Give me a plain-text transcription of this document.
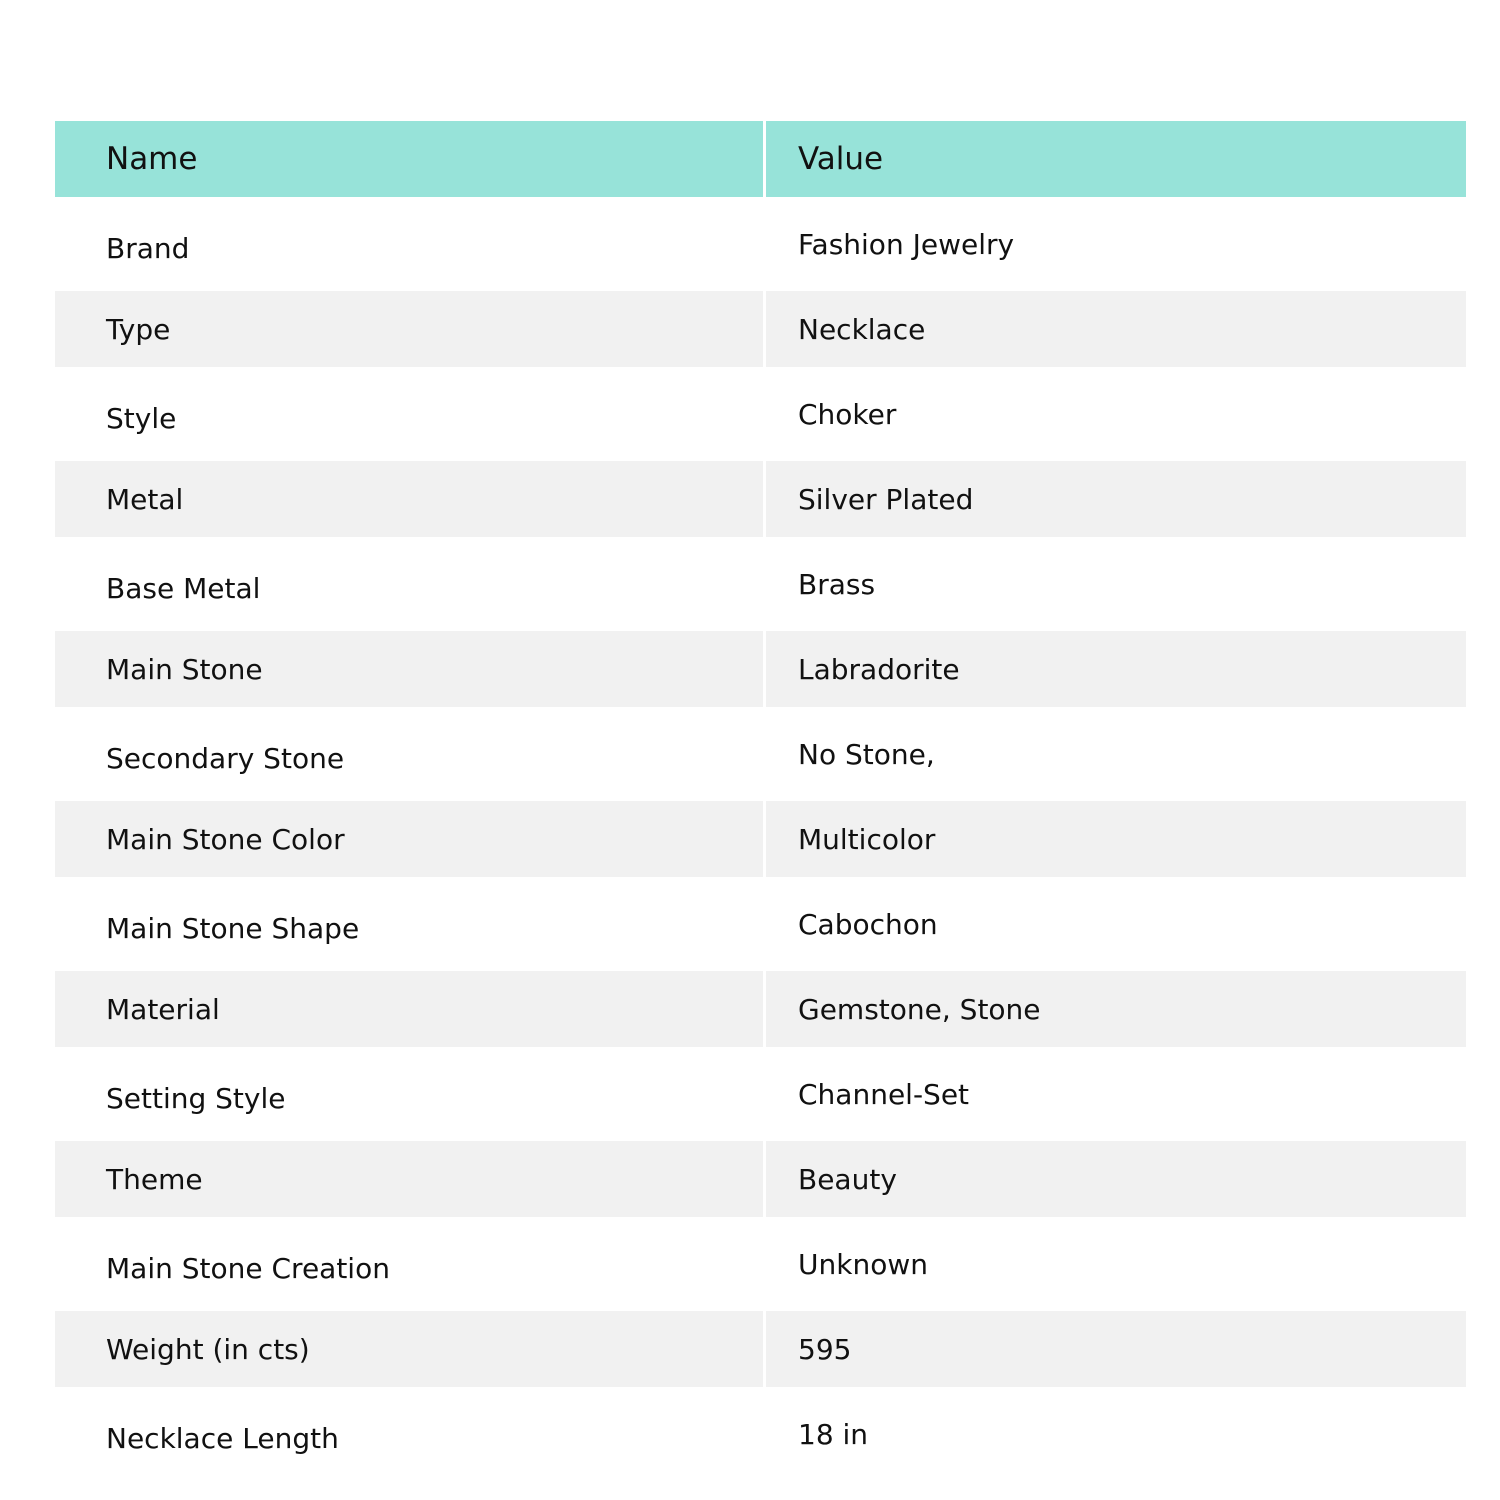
Name	Value
Brand	Fashion Jewelry
Type	Necklace
Style	Choker
Metal	Silver Plated
Base Metal	Brass
Main Stone	Labradorite
Secondary Stone	No Stone,
Main Stone Color	Multicolor
Main Stone Shape	Cabochon
Material	Gemstone, Stone
Setting Style	Channel-Set
Theme	Beauty
Main Stone Creation	Unknown
Weight (in cts)	595
Necklace Length	18 in
